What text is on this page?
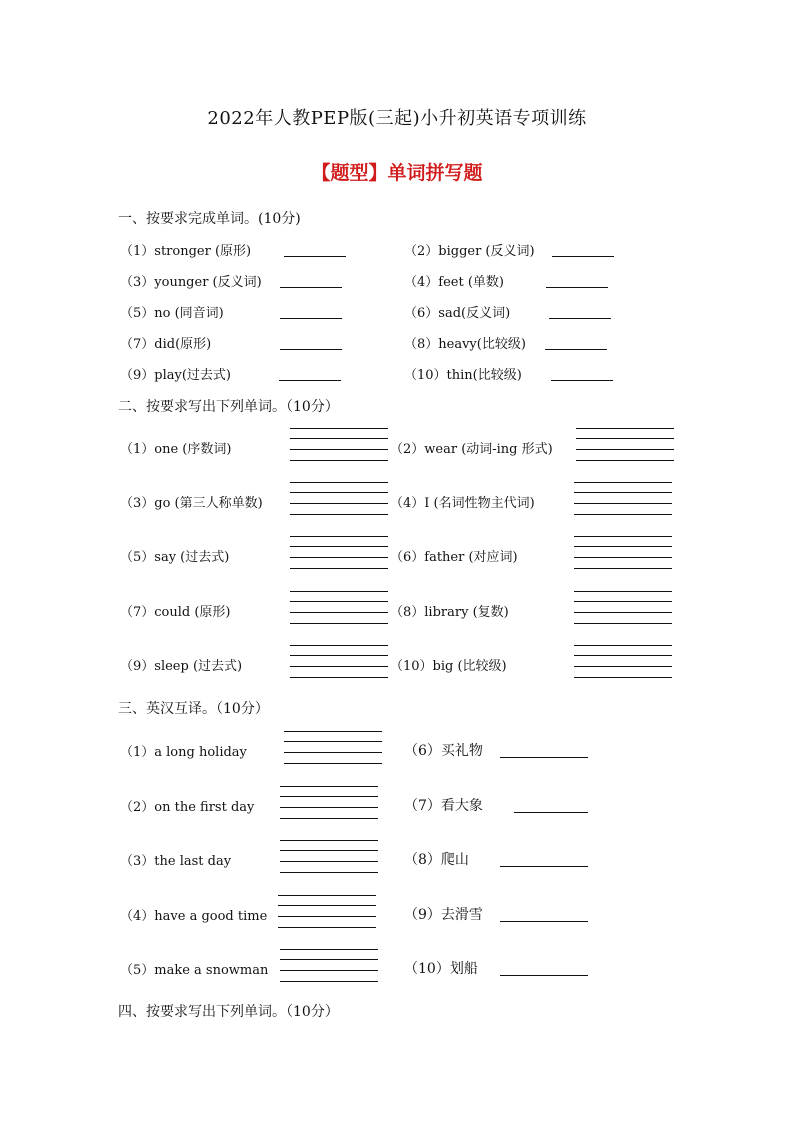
2022年人教PEP版(三起)小升初英语专项训练
【题型】单词拼写题
一、按要求完成单词。(10分)
（1）stronger (原形)	（2）bigger (反义词)
（3）younger (反义词)	（4）feet (单数)
（5）no (同音词)	（6）sad(反义词)
（7）did(原形)	（8）heavy(比较级)
（9）play(过去式)	（10）thin(比较级)
二、按要求写出下列单词。（10分）
（1）one (序数词)	（2）wear (动词-ing 形式)
（3）go (第三人称单数)	（4）I (名词性物主代词)
（5）say (过去式)	（6）father (对应词)
（7）could (原形)	（8）library (复数)
（9）sleep (过去式)	（10）big (比较级)
三、英汉互译。（10分）
（1）a long holiday	（6）买礼物
（2）on the first day	（7）看大象
（3）the last day	（8）爬山
（4）have a good time	（9）去滑雪
（5）make a snowman	（10）划船
四、按要求写出下列单词。（10分）
